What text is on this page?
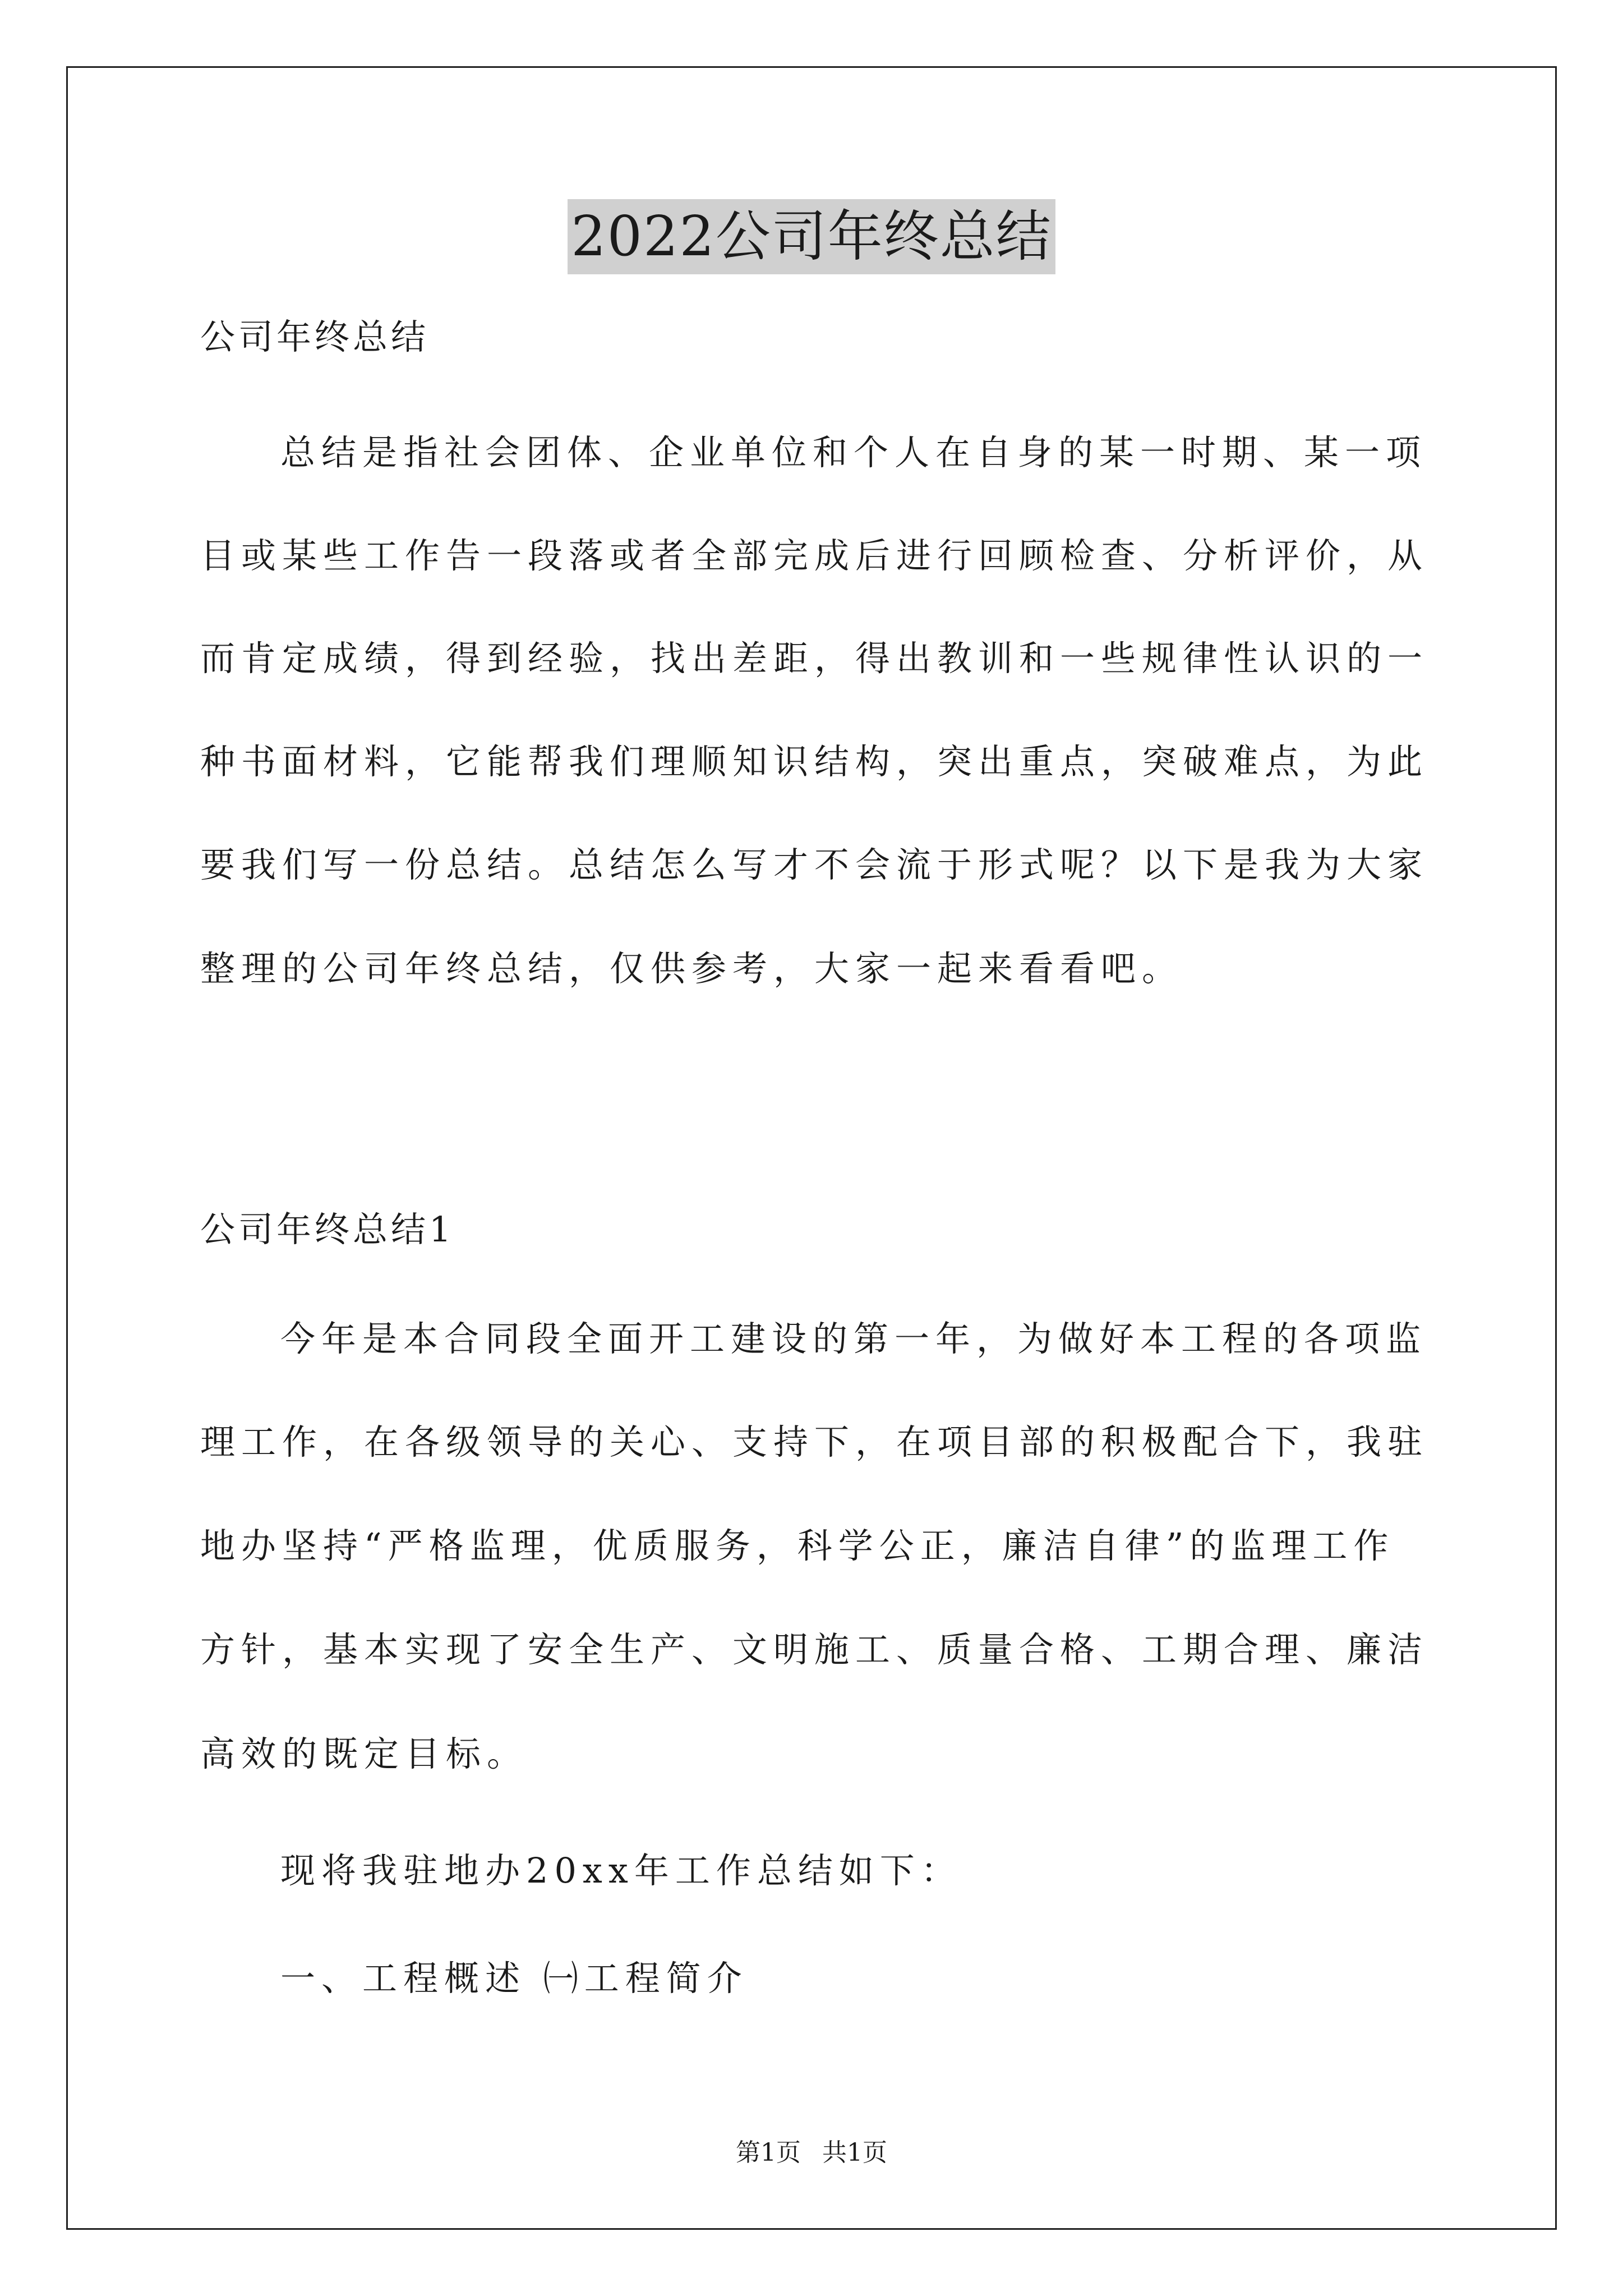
2022公司年终总结
公司年终总结
总结是指社会团体、企业单位和个人在自身的某一时期、某一项
目或某些工作告一段落或者全部完成后进行回顾检查、分析评价，从
而肯定成绩，得到经验，找出差距，得出教训和一些规律性认识的一
种书面材料，它能帮我们理顺知识结构，突出重点，突破难点，为此
要我们写一份总结。总结怎么写才不会流于形式呢？以下是我为大家
整理的公司年终总结，仅供参考，大家一起来看看吧。
公司年终总结1
今年是本合同段全面开工建设的第一年，为做好本工程的各项监
理工作，在各级领导的关心、支持下，在项目部的积极配合下，我驻
地办坚持“严格监理，优质服务，科学公正，廉洁自律”的监理工作
方针，基本实现了安全生产、文明施工、质量合格、工期合理、廉洁
高效的既定目标。
现将我驻地办20xx年工作总结如下：
一、工程概述 ㈠工程简介
第1页 共1页
